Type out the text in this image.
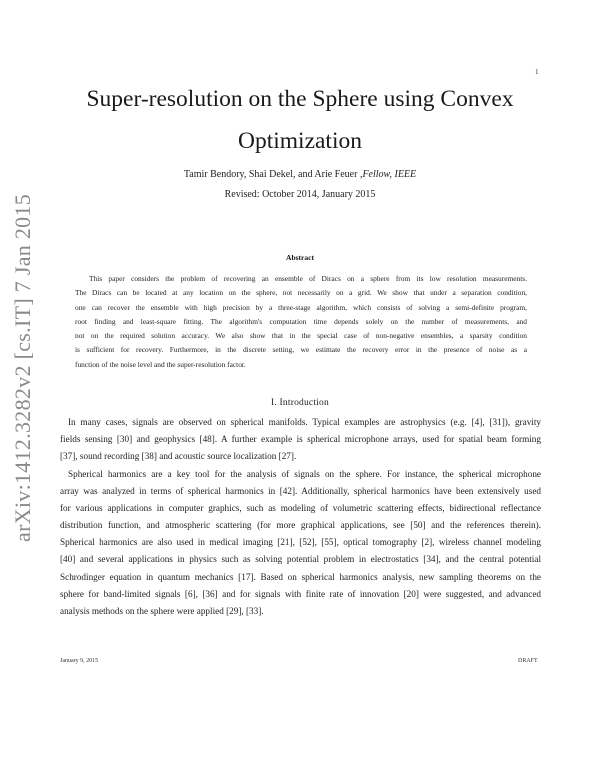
1
arXiv:1412.3282v2 [cs.IT] 7 Jan 2015
Super-resolution on the Sphere using Convex
Optimization
Tamir Bendory, Shai Dekel, and Arie Feuer ,Fellow, IEEE
Revised: October 2014, January 2015
Abstract
This paper considers the problem of recovering an ensemble of Diracs on a sphere from its low resolution measurements.
The Diracs can be located at any location on the sphere, not necessarily on a grid. We show that under a separation condition,
one can recover the ensemble with high precision by a three-stage algorithm, which consists of solving a semi-definite program,
root finding and least-square fitting. The algorithm's computation time depends solely on the number of measurements, and
not on the required solution accuracy. We also show that in the special case of non-negative ensembles, a sparsity condition
is sufficient for recovery. Furthermore, in the discrete setting, we estimate the recovery error in the presence of noise as a
function of the noise level and the super-resolution factor.
I. Introduction
In many cases, signals are observed on spherical manifolds. Typical examples are astrophysics (e.g. [4], [31]), gravity
fields sensing [30] and geophysics [48]. A further example is spherical microphone arrays, used for spatial beam forming
[37], sound recording [38] and acoustic source localization [27].
Spherical harmonics are a key tool for the analysis of signals on the sphere. For instance, the spherical microphone
array was analyzed in terms of spherical harmonics in [42]. Additionally, spherical harmonics have been extensively used
for various applications in computer graphics, such as modeling of volumetric scattering effects, bidirectional reflectance
distribution function, and atmospheric scattering (for more graphical applications, see [50] and the references therein).
Spherical harmonics are also used in medical imaging [21], [52], [55], optical tomography [2], wireless channel modeling
[40] and several applications in physics such as solving potential problem in electrostatics [34], and the central potential
Schrodinger equation in quantum mechanics [17]. Based on spherical harmonics analysis, new sampling theorems on the
sphere for band-limited signals [6], [36] and for signals with finite rate of innovation [20] were suggested, and advanced
analysis methods on the sphere were applied [29], [33].
January 9, 2015	DRAFT
